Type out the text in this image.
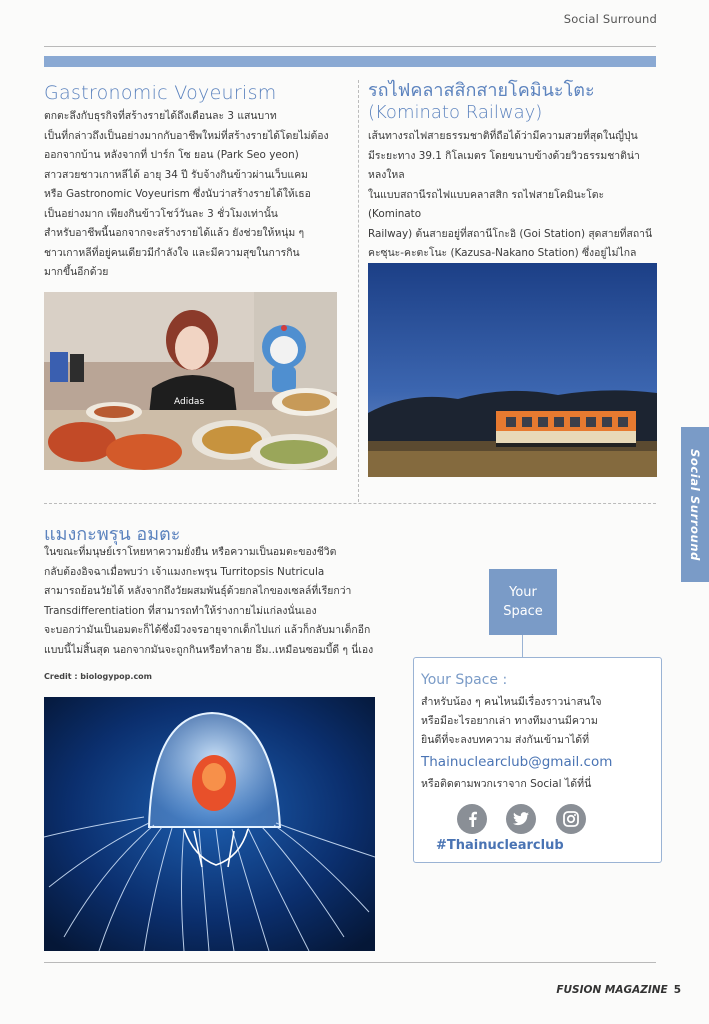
Social Surround
Gastronomic Voyeurism
ตกตะลึงกับธุรกิจที่สร้างรายได้ถึงเดือนละ 3 แสนบาท
เป็นที่กล่าวถึงเป็นอย่างมากกับอาชีพใหม่ที่สร้างรายได้โดยไม่ต้อง
ออกจากบ้าน หลังจากที่ ปาร์ก โซ ยอน (Park Seo yeon)
สาวสวยชาวเกาหลีได้ อายุ 34 ปี รับจ้างกินข้าวผ่านเว็บแคม
หรือ Gastronomic Voyeurism ซึ่งนับว่าสร้างรายได้ให้เธอ
เป็นอย่างมาก เพียงกินข้าวโชว์วันละ 3 ชั่วโมงเท่านั้น
สำหรับอาชีพนี้นอกจากจะสร้างรายได้แล้ว ยังช่วยให้หนุ่ม ๆ
ชาวเกาหลีที่อยู่คนเดียวมีกำลังใจ และมีความสุขในการกิน
มากขึ้นอีกด้วย
Adidas
รถไฟคลาสสิกสายโคมินะโตะ
(Kominato Railway)
เส้นทางรถไฟสายธรรมชาติที่ถือได้ว่ามีความสวยที่สุดในญี่ปุ่น
มีระยะทาง 39.1 กิโลเมตร โดยขนาบข้างด้วยวิวธรรมชาติน่าหลงใหล
ในแบบสถานีรถไฟแบบคลาสสิก รถไฟสายโคมินะโตะ (Kominato
Railway) ต้นสายอยู่ที่สถานีโกะอิ (Goi Station) สุดสายที่สถานี
คะซุนะ-คะตะโนะ (Kazusa-Nakano Station) ซึ่งอยู่ไม่ไกล
แมงกะพรุน อมตะ
ในขณะที่มนุษย์เราโหยหาความยั่งยืน หรือความเป็นอมตะของชีวิต
กลับต้องอิจฉาเมื่อพบว่า เจ้าแมงกะพรุน Turritopsis Nutricula
สามารถย้อนวัยได้ หลังจากถึงวัยผสมพันธุ์ด้วยกลไกของเซลล์ที่เรียกว่า
Transdifferentiation ที่สามารถทำให้ร่างกายไม่แก่ลงนั่นเอง
จะบอกว่ามันเป็นอมตะก็ได้ซึ่งมีวงจรอายุจากเด็กไปแก่ แล้วก็กลับมาเด็กอีก
แบบนี้ไม่สิ้นสุด นอกจากมันจะถูกกินหรือทำลาย อึม..เหมือนซอมบี้ดี ๆ นี่เอง
Credit : biologypop.com
Social Surround
Your
Space
Your Space :
สำหรับน้อง ๆ คนไหนมีเรื่องราวน่าสนใจ
หรือมีอะไรอยากเล่า ทางทีมงานมีความ
ยินดีที่จะลงบทความ ส่งกันเข้ามาได้ที่
Thainuclearclub@gmail.com
หรือติดตามพวกเราจาก Social ได้ที่นี่
#Thainuclearclub
FUSION MAGAZINE 5
